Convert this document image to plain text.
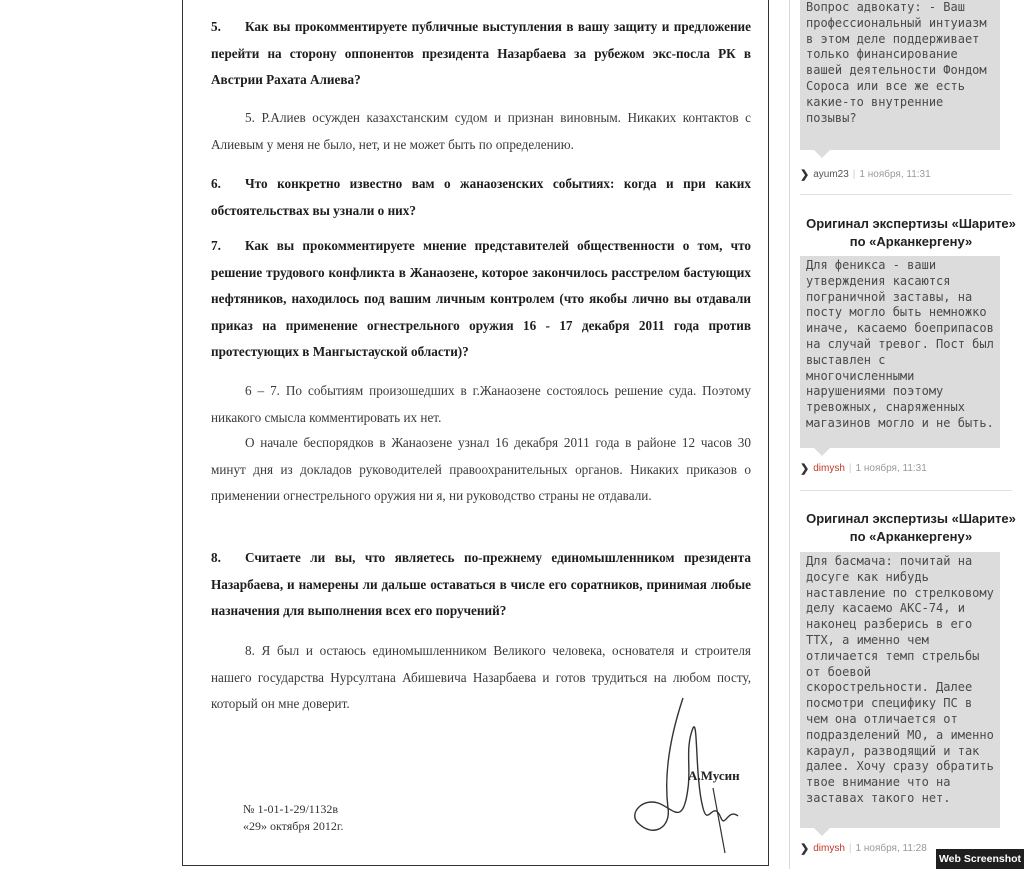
5. Как вы прокомментируете публичные выступления в вашу защиту и предложение перейти на сторону оппонентов президента Назарбаева за рубежом экс-посла РК в Австрии Рахата Алиева?

5. Р.Алиев осужден казахстанским судом и признан виновным. Никаких контактов с Алиевым у меня не было, нет, и не может быть по определению.

6. Что конкретно известно вам о жанаозенских событиях: когда и при каких обстоятельствах вы узнали о них?

7. Как вы прокомментируете мнение представителей общественности о том, что решение трудового конфликта в Жанаозене, которое закончилось расстрелом бастующих нефтяников, находилось под вашим личным контролем (что якобы лично вы отдавали приказ на применение огнестрельного оружия 16 - 17 декабря 2011 года против протестующих в Мангыстауской области)?

6 – 7. По событиям произошедших в г.Жанаозене состоялось решение суда. Поэтому никакого смысла комментировать их нет.

О начале беспорядков в Жанаозене узнал 16 декабря 2011 года в районе 12 часов 30 минут дня из докладов руководителей правоохранительных органов. Никаких приказов о применении огнестрельного оружия ни я, ни руководство страны не отдавали.

8. Считаете ли вы, что являетесь по-прежнему единомышленником президента Назарбаева, и намерены ли дальше оставаться в числе его соратников, принимая любые назначения для выполнения всех его поручений?

8. Я был и остаюсь единомышленником Великого человека, основателя и строителя нашего государства Нурсултана Абишевича Назарбаева и готов трудиться на любом посту, который он мне доверит.

А.Мусин
№ 1-01-1-29/1132в
«29» октября 2012г.
Вопрос адвокату: - Ваш профессиональный интуиазм в этом деле поддерживает только финансирование вашей деятельности Фондом Сороса или все же есть какие-то внутренние позывы?
❯ ayum23 | 1 ноября, 11:31
Оригинал экспертизы «Шарите» по «Арканкергену»
Для феникса - ваши утверждения касаются пограничной заставы, на посту могло быть немножко иначе, касаемо боеприпасов на случай тревог. Пост был выставлен с многочисленными нарушениями поэтому тревожных, снаряженных магазинов могло и не быть.
❯ dimysh | 1 ноября, 11:31
Оригинал экспертизы «Шарите» по «Арканкергену»
Для басмача: почитай на досуге как нибудь наставление по стрелковому делу касаемо АКС-74, и наконец разберись в его ТТХ, а именно чем отличается темп стрельбы от боевой скорострельности. Далее посмотри специфику ПС в чем она отличается от подразделений МО, а именно караул, разводящий и так далее. Хочу сразу обратить твое внимание что на заставах такого нет.
❯ dimysh | 1 ноября, 11:28
Web Screenshot
